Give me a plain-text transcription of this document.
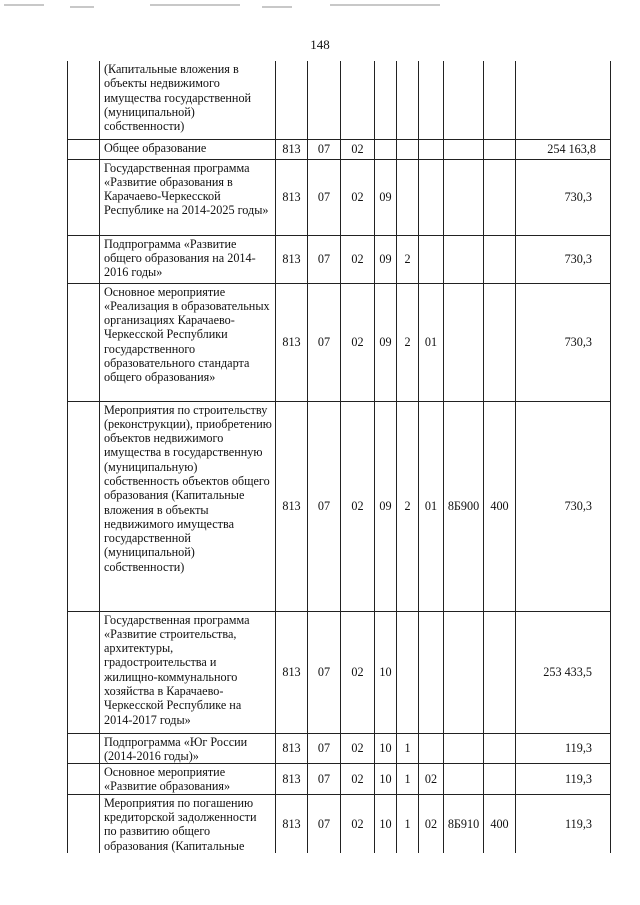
148
	(Капитальные вложения в объекты недвижимого имущества государственной (муниципальной) собственности)									
	Общее образование	813	07	02						254 163,8
	Государственная программа «Развитие образования в Карачаево-Черкесской Республике на 2014-2025 годы»	813	07	02	09					730,3
	Подпрограмма «Развитие общего образования на 2014-2016 годы»	813	07	02	09	2				730,3
	Основное мероприятие «Реализация в образовательных организациях Карачаево-Черкесской Республики государственного образовательного стандарта общего образования»	813	07	02	09	2	01			730,3
	Мероприятия по строительству (реконструкции), приобретению объектов недвижимого имущества в государственную (муниципальную) собственность объектов общего образования (Капитальные вложения в объекты недвижимого имущества государственной (муниципальной) собственности)	813	07	02	09	2	01	8Б900	400	730,3
	Государственная программа «Развитие строительства, архитектуры, градостроительства и жилищно-коммунального хозяйства в Карачаево-Черкесской Республике на 2014-2017 годы»	813	07	02	10					253 433,5
	Подпрограмма «Юг России (2014-2016 годы)»	813	07	02	10	1				119,3
	Основное мероприятие «Развитие образования»	813	07	02	10	1	02			119,3
	Мероприятия по погашению кредиторской задолженности по развитию общего образования (Капитальные	813	07	02	10	1	02	8Б910	400	119,3
